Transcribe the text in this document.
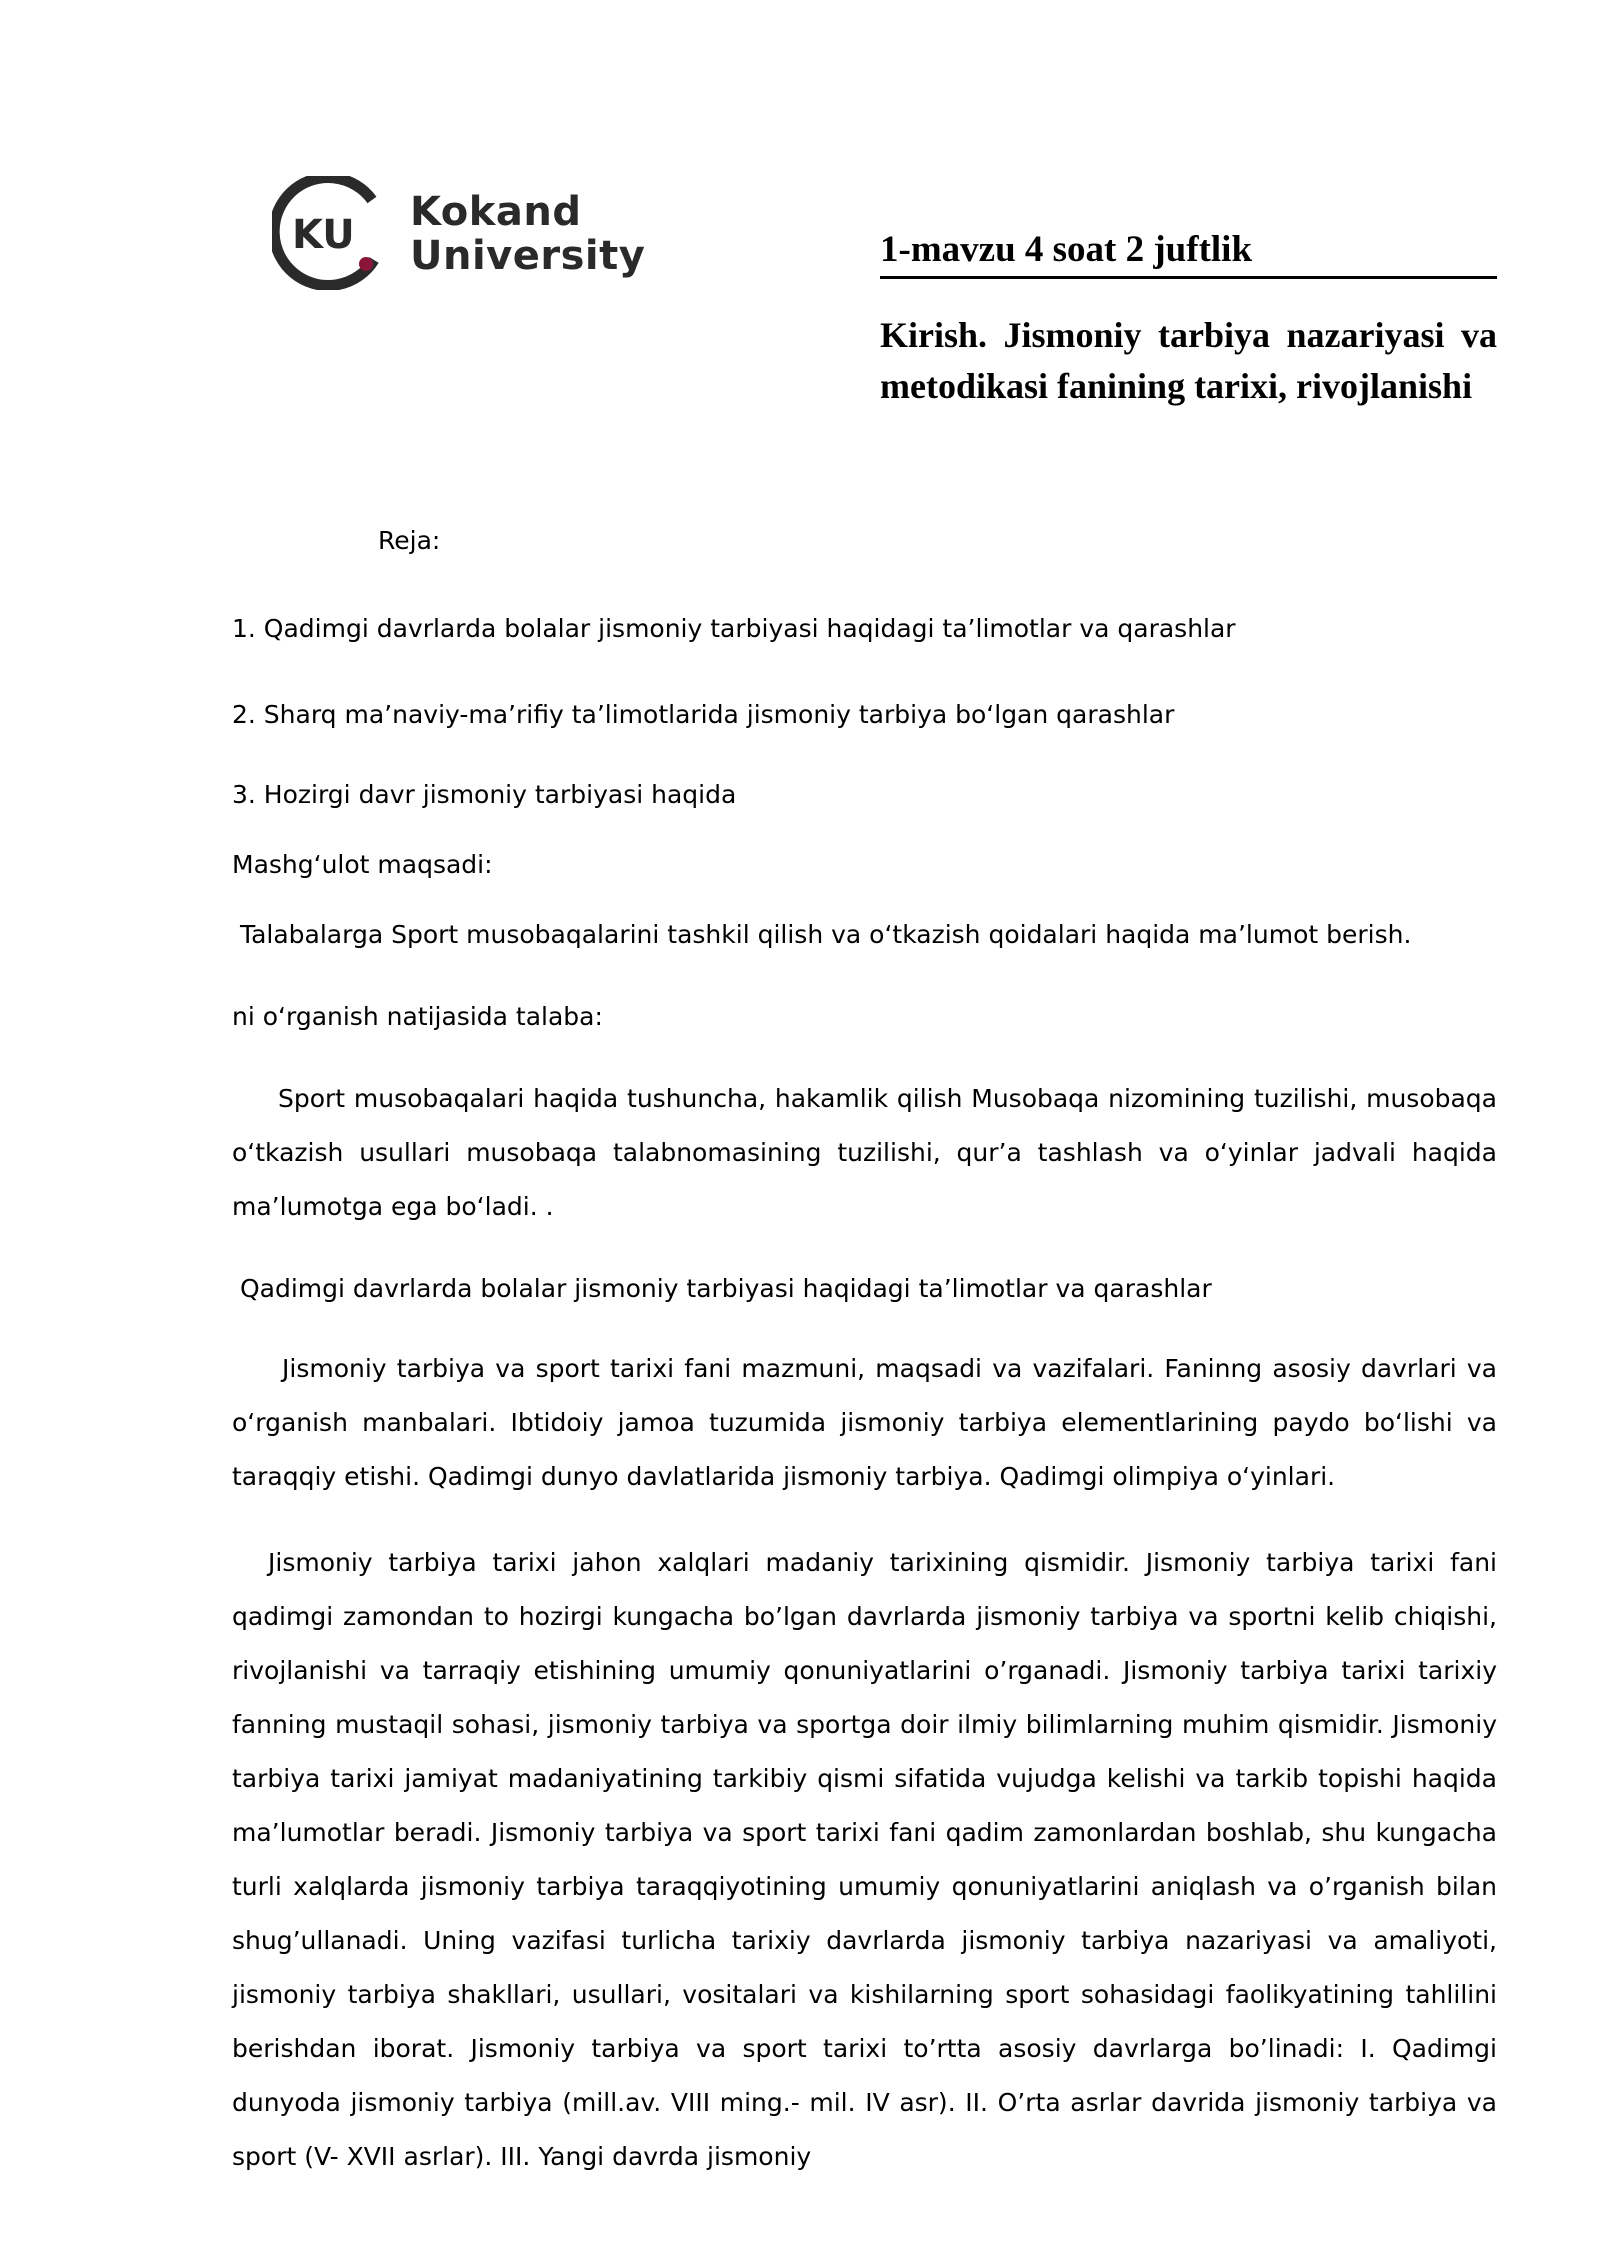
KU Kokand
University	1-mavzu 4 soat 2 juftlik
Kirish. Jismoniy tarbiya nazariyasi va metodikasi fanining tarixi, rivojlanishi
Reja:
1. Qadimgi davrlarda bolalar jismoniy tarbiyasi haqidagi ta’limotlar va qarashlar
2. Sharq ma’naviy-ma’rifiy ta’limotlarida jismoniy tarbiya boʻlgan qarashlar
3. Hozirgi davr jismoniy tarbiyasi haqida
Mashgʻulot maqsadi:
Talabalarga Sport musobaqalarini tashkil qilish va oʻtkazish qoidalari haqida ma’lumot berish.
ni oʻrganish natijasida talaba:
Sport musobaqalari haqida tushuncha, hakamlik qilish Musobaqa nizomining tuzilishi, musobaqa oʻtkazish usullari musobaqa talabnomasining tuzilishi, qur’a tashlash va oʻyinlar jadvali haqida ma’lumotga ega boʻladi. .
Qadimgi davrlarda bolalar jismoniy tarbiyasi haqidagi ta’limotlar va qarashlar
Jismoniy tarbiya va sport tarixi fani mazmuni, maqsadi va vazifalari. Faninng asosiy davrlari va oʻrganish manbalari. Ibtidoiy jamoa tuzumida jismoniy tarbiya elementlarining paydo boʻlishi va taraqqiy etishi. Qadimgi dunyo davlatlarida jismoniy tarbiya. Qadimgi olimpiya oʻyinlari.
Jismoniy tarbiya tarixi jahon xalqlari madaniy tarixining qismidir. Jismoniy tarbiya tarixi fani qadimgi zamondan to hozirgi kungacha bo’lgan davrlarda jismoniy tarbiya va sportni kelib chiqishi, rivojlanishi va tarraqiy etishining umumiy qonuniyatlarini o’rganadi. Jismoniy tarbiya tarixi tarixiy fanning mustaqil sohasi, jismoniy tarbiya va sportga doir ilmiy bilimlarning muhim qismidir. Jismoniy tarbiya tarixi jamiyat madaniyatining tarkibiy qismi sifatida vujudga kelishi va tarkib topishi haqida ma’lumotlar beradi. Jismoniy tarbiya va sport tarixi fani qadim zamonlardan boshlab, shu kungacha turli xalqlarda jismoniy tarbiya taraqqiyotining umumiy qonuniyatlarini aniqlash va o’rganish bilan shug’ullanadi. Uning vazifasi turlicha tarixiy davrlarda jismoniy tarbiya nazariyasi va amaliyoti, jismoniy tarbiya shakllari, usullari, vositalari va kishilarning sport sohasidagi faolikyatining tahlilini berishdan iborat. Jismoniy tarbiya va sport tarixi to’rtta asosiy davrlarga bo’linadi: I. Qadimgi dunyoda jismoniy tarbiya (mill.av. VIII ming.- mil. IV asr). II. O’rta asrlar davrida jismoniy tarbiya va sport (V- XVII asrlar). III. Yangi davrda jismoniy
